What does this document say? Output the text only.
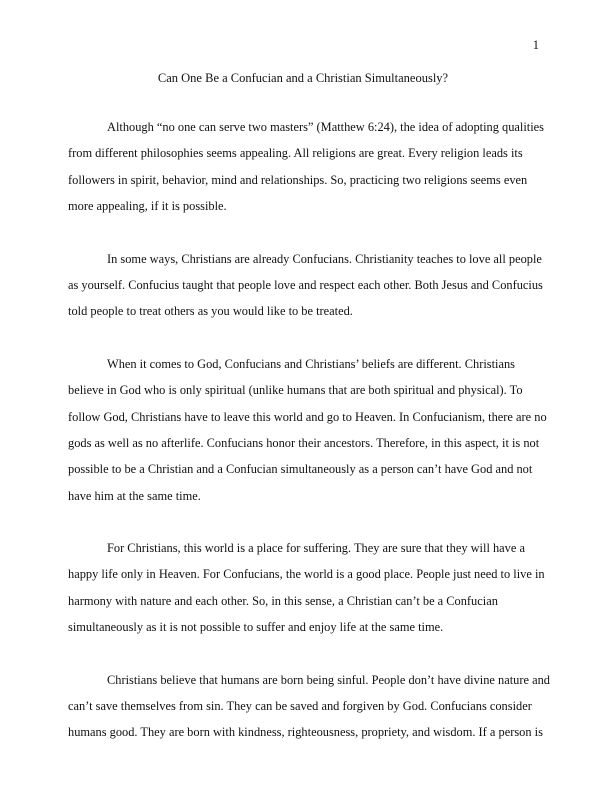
1
Can One Be a Confucian and a Christian Simultaneously?
Although “no one can serve two masters” (Matthew 6:24), the idea of adopting qualities
from different philosophies seems appealing. All religions are great. Every religion leads its
followers in spirit, behavior, mind and relationships. So, practicing two religions seems even
more appealing, if it is possible.
In some ways, Christians are already Confucians. Christianity teaches to love all people
as yourself. Confucius taught that people love and respect each other. Both Jesus and Confucius
told people to treat others as you would like to be treated.
When it comes to God, Confucians and Christians’ beliefs are different. Christians
believe in God who is only spiritual (unlike humans that are both spiritual and physical). To
follow God, Christians have to leave this world and go to Heaven. In Confucianism, there are no
gods as well as no afterlife. Confucians honor their ancestors. Therefore, in this aspect, it is not
possible to be a Christian and a Confucian simultaneously as a person can’t have God and not
have him at the same time.
For Christians, this world is a place for suffering. They are sure that they will have a
happy life only in Heaven. For Confucians, the world is a good place. People just need to live in
harmony with nature and each other. So, in this sense, a Christian can’t be a Confucian
simultaneously as it is not possible to suffer and enjoy life at the same time.
Christians believe that humans are born being sinful. People don’t have divine nature and
can’t save themselves from sin. They can be saved and forgiven by God. Confucians consider
humans good. They are born with kindness, righteousness, propriety, and wisdom. If a person is
